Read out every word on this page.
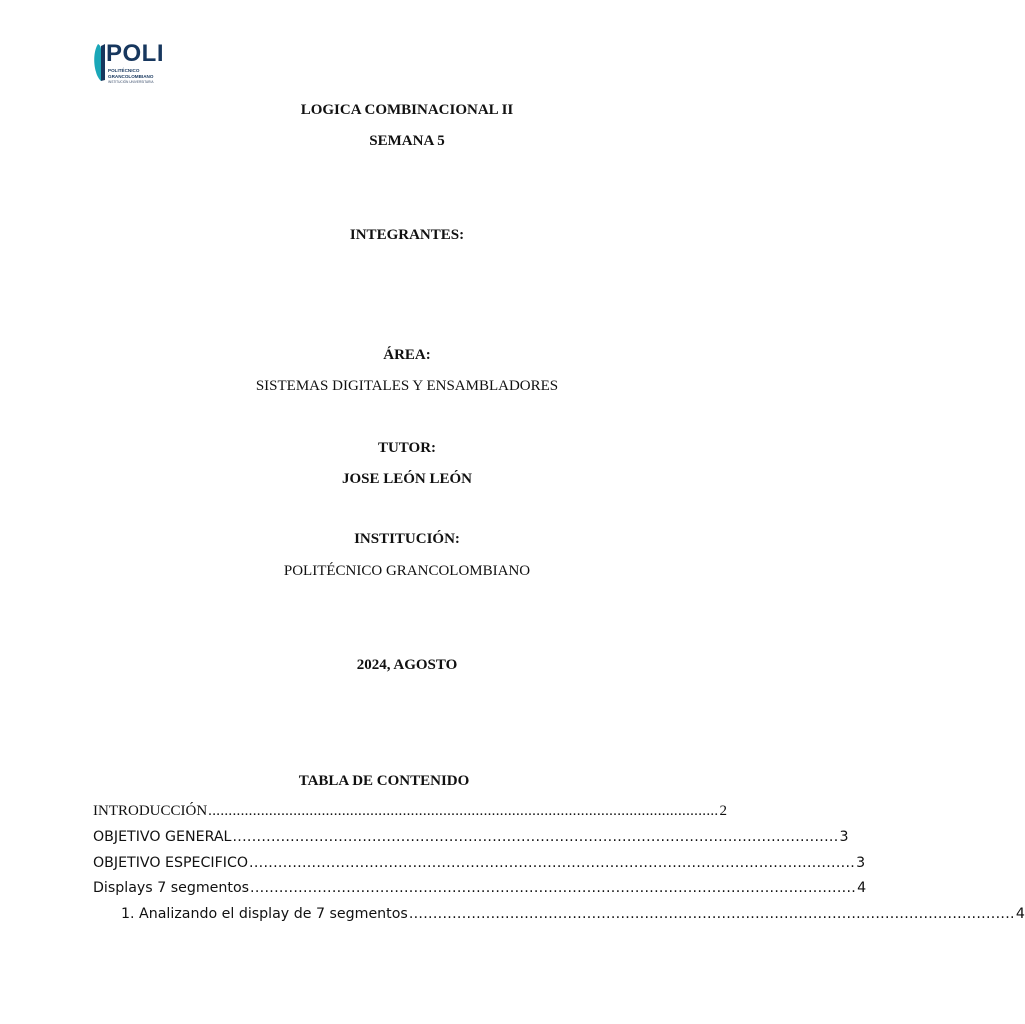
POLI
POLITÉCNICO
GRANCOLOMBIANO
INSTITUCIÓN UNIVERSITARIA
LOGICA COMBINACIONAL II
SEMANA 5
INTEGRANTES:
ÁREA:
SISTEMAS DIGITALES Y ENSAMBLADORES
TUTOR:
JOSE LEÓN LEÓN
INSTITUCIÓN:
POLITÉCNICO GRANCOLOMBIANO
2024, AGOSTO
TABLA DE CONTENIDO
INTRODUCCIÓN .............................................................................................................................. 2
OBJETIVO GENERAL .............................................................................................................................. 3
OBJETIVO ESPECIFICO .............................................................................................................................. 3
Displays 7 segmentos .............................................................................................................................. 4
1. Analizando el display de 7 segmentos .............................................................................................................................. 4
